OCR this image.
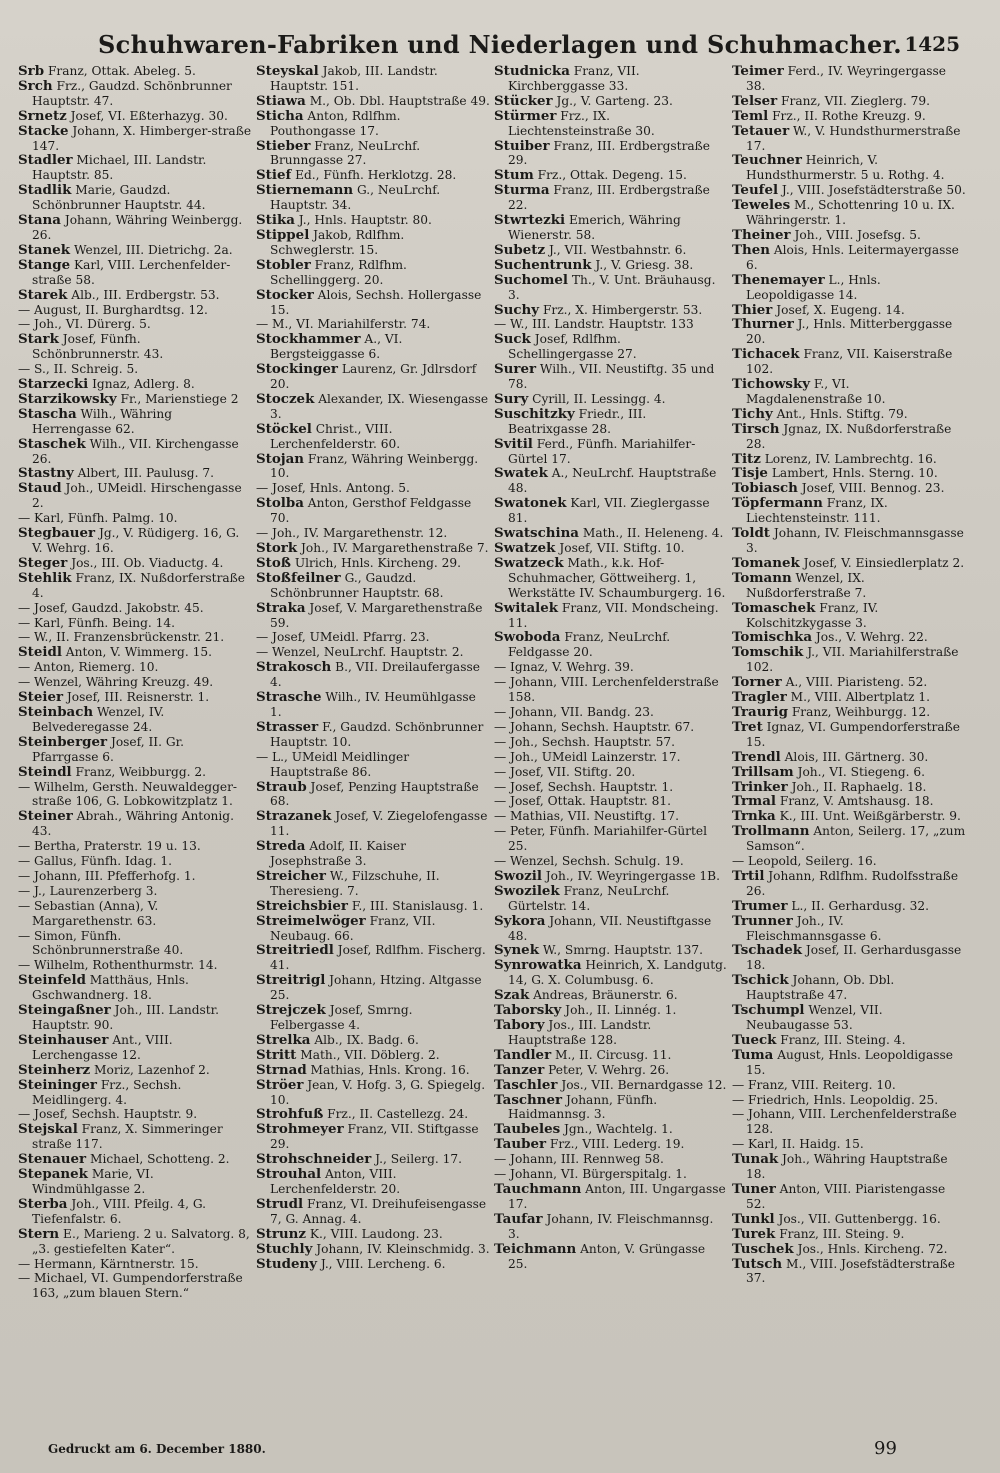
Schuhwaren-Fabriken und Niederlagen und Schuhmacher. 1425
Srb Franz, Ottak. Abeleg. 5.
Srch Frz., Gaudzd. Schönbrunner Hauptstr. 47.
Srnetz Josef, VI. Eßterhazyg. 30.
Stacke Johann, X. Himberger-straße 147.
Stadler Michael, III. Landstr. Hauptstr. 85.
Stadlik Marie, Gaudzd. Schönbrunner Hauptstr. 44.
Stana Johann, Währing Weinbergg. 26.
Stanek Wenzel, III. Dietrichg. 2a.
Stange Karl, VIII. Lerchenfelder-straße 58.
Starek Alb., III. Erdbergstr. 53.
— August, II. Burghardtsg. 12.
— Joh., VI. Dürerg. 5.
Stark Josef, Fünfh. Schönbrunnerstr. 43.
— S., II. Schreig. 5.
Starzecki Ignaz, Adlerg. 8.
Starzikowsky Fr., Marienstiege 2
Stascha Wilh., Währing Herrengasse 62.
Staschek Wilh., VII. Kirchengasse 26.
Stastny Albert, III. Paulusg. 7.
Staud Joh., UMeidl. Hirschengasse 2.
— Karl, Fünfh. Palmg. 10.
Stegbauer Jg., V. Rüdigerg. 16, G. V. Wehrg. 16.
Steger Jos., III. Ob. Viaductg. 4.
Stehlik Franz, IX. Nußdorferstraße 4.
— Josef, Gaudzd. Jakobstr. 45.
— Karl, Fünfh. Being. 14.
— W., II. Franzensbrückenstr. 21.
Steidl Anton, V. Wimmerg. 15.
— Anton, Riemerg. 10.
— Wenzel, Währing Kreuzg. 49.
Steier Josef, III. Reisnerstr. 1.
Steinbach Wenzel, IV. Belvederegasse 24.
Steinberger Josef, II. Gr. Pfarrgasse 6.
Steindl Franz, Weibburgg. 2.
— Wilhelm, Gersth. Neuwaldegger-straße 106, G. Lobkowitzplatz 1.
Steiner Abrah., Währing Antonig. 43.
— Bertha, Praterstr. 19 u. 13.
— Gallus, Fünfh. Idag. 1.
— Johann, III. Pfefferhofg. 1.
— J., Laurenzerberg 3.
— Sebastian (Anna), V. Margarethenstr. 63.
— Simon, Fünfh. Schönbrunnerstraße 40.
— Wilhelm, Rothenthurmstr. 14.
Steinfeld Matthäus, Hnls. Gschwandnerg. 18.
Steingaßner Joh., III. Landstr. Hauptstr. 90.
Steinhauser Ant., VIII. Lerchengasse 12.
Steinherz Moriz, Lazenhof 2.
Steininger Frz., Sechsh. Meidlingerg. 4.
— Josef, Sechsh. Hauptstr. 9.
Stejskal Franz, X. Simmeringer straße 117.
Stenauer Michael, Schotteng. 2.
Stepanek Marie, VI. Windmühlgasse 2.
Sterba Joh., VIII. Pfeilg. 4, G. Tiefenfalstr. 6.
Stern E., Marieng. 2 u. Salvatorg. 8, „3. gestiefelten Kater“.
— Hermann, Kärntnerstr. 15.
— Michael, VI. Gumpendorferstraße 163, „zum blauen Stern.“
Steyskal Jakob, III. Landstr. Hauptstr. 151.
Stiawa M., Ob. Dbl. Hauptstraße 49.
Sticha Anton, Rdlfhm. Pouthongasse 17.
Stieber Franz, NeuLrchf. Brunngasse 27.
Stief Ed., Fünfh. Herklotzg. 28.
Stiernemann G., NeuLrchf. Hauptstr. 34.
Stika J., Hnls. Hauptstr. 80.
Stippel Jakob, Rdlfhm. Schweglerstr. 15.
Stobler Franz, Rdlfhm. Schellinggerg. 20.
Stocker Alois, Sechsh. Hollergasse 15.
— M., VI. Mariahilferstr. 74.
Stockhammer A., VI. Bergsteiggasse 6.
Stockinger Laurenz, Gr. Jdlrsdorf 20.
Stoczek Alexander, IX. Wiesengasse 3.
Stöckel Christ., VIII. Lerchenfelderstr. 60.
Stojan Franz, Währing Weinbergg. 10.
— Josef, Hnls. Antong. 5.
Stolba Anton, Gersthof Feldgasse 70.
— Joh., IV. Margarethenstr. 12.
Stork Joh., IV. Margarethenstraße 7.
Stoß Ulrich, Hnls. Kircheng. 29.
Stoßfeilner G., Gaudzd. Schönbrunner Hauptstr. 68.
Straka Josef, V. Margarethenstraße 59.
— Josef, UMeidl. Pfarrg. 23.
— Wenzel, NeuLrchf. Hauptstr. 2.
Strakosch B., VII. Dreilaufergasse 4.
Strasche Wilh., IV. Heumühlgasse 1.
Strasser F., Gaudzd. Schönbrunner Hauptstr. 10.
— L., UMeidl Meidlinger Hauptstraße 86.
Straub Josef, Penzing Hauptstraße 68.
Strazanek Josef, V. Ziegelofengasse 11.
Streda Adolf, II. Kaiser Josephstraße 3.
Streicher W., Filzschuhe, II. Theresieng. 7.
Streichsbier F., III. Stanislausg. 1.
Streimelwöger Franz, VII. Neubaug. 66.
Streitriedl Josef, Rdlfhm. Fischerg. 41.
Streitrigl Johann, Htzing. Altgasse 25.
Strejczek Josef, Smrng. Felbergasse 4.
Strelka Alb., IX. Badg. 6.
Stritt Math., VII. Döblerg. 2.
Strnad Mathias, Hnls. Krong. 16.
Ströer Jean, V. Hofg. 3, G. Spiegelg. 10.
Strohfuß Frz., II. Castellezg. 24.
Strohmeyer Franz, VII. Stiftgasse 29.
Strohschneider J., Seilerg. 17.
Strouhal Anton, VIII. Lerchenfelderstr. 20.
Strudl Franz, VI. Dreihufeisengasse 7, G. Annag. 4.
Strunz K., VIII. Laudong. 23.
Stuchly Johann, IV. Kleinschmidg. 3.
Studeny J., VIII. Lercheng. 6.
Studnicka Franz, VII. Kirchberggasse 33.
Stücker Jg., V. Garteng. 23.
Stürmer Frz., IX. Liechtensteinstraße 30.
Stuiber Franz, III. Erdbergstraße 29.
Stum Frz., Ottak. Degeng. 15.
Sturma Franz, III. Erdbergstraße 22.
Stwrtezki Emerich, Währing Wienerstr. 58.
Subetz J., VII. Westbahnstr. 6.
Suchentrunk J., V. Griesg. 38.
Suchomel Th., V. Unt. Bräuhausg. 3.
Suchy Frz., X. Himbergerstr. 53.
— W., III. Landstr. Hauptstr. 133
Suck Josef, Rdlfhm. Schellingergasse 27.
Surer Wilh., VII. Neustiftg. 35 und 78.
Sury Cyrill, II. Lessingg. 4.
Suschitzky Friedr., III. Beatrixgasse 28.
Svitil Ferd., Fünfh. Mariahilfer-Gürtel 17.
Swatek A., NeuLrchf. Hauptstraße 48.
Swatonek Karl, VII. Zieglergasse 81.
Swatschina Math., II. Heleneng. 4.
Swatzek Josef, VII. Stiftg. 10.
Swatzeck Math., k.k. Hof-Schuhmacher, Göttweiherg. 1, Werkstätte IV. Schaumburgerg. 16.
Switalek Franz, VII. Mondscheing. 11.
Swoboda Franz, NeuLrchf. Feldgasse 20.
— Ignaz, V. Wehrg. 39.
— Johann, VIII. Lerchenfelderstraße 158.
— Johann, VII. Bandg. 23.
— Johann, Sechsh. Hauptstr. 67.
— Joh., Sechsh. Hauptstr. 57.
— Joh., UMeidl Lainzerstr. 17.
— Josef, VII. Stiftg. 20.
— Josef, Sechsh. Hauptstr. 1.
— Josef, Ottak. Hauptstr. 81.
— Mathias, VII. Neustiftg. 17.
— Peter, Fünfh. Mariahilfer-Gürtel 25.
— Wenzel, Sechsh. Schulg. 19.
Swozil Joh., IV. Weyringergasse 1B.
Swozilek Franz, NeuLrchf. Gürtelstr. 14.
Sykora Johann, VII. Neustiftgasse 48.
Synek W., Smrng. Hauptstr. 137.
Synrowatka Heinrich, X. Landgutg. 14, G. X. Columbusg. 6.
Szak Andreas, Bräunerstr. 6.
Taborsky Joh., II. Linnég. 1.
Tabory Jos., III. Landstr. Hauptstraße 128.
Tandler M., II. Circusg. 11.
Tanzer Peter, V. Wehrg. 26.
Taschler Jos., VII. Bernardgasse 12.
Taschner Johann, Fünfh. Haidmannsg. 3.
Taubeles Jgn., Wachtelg. 1.
Tauber Frz., VIII. Lederg. 19.
— Johann, III. Rennweg 58.
— Johann, VI. Bürgerspitalg. 1.
Tauchmann Anton, III. Ungargasse 17.
Taufar Johann, IV. Fleischmannsg. 3.
Teichmann Anton, V. Grüngasse 25.
Teimer Ferd., IV. Weyringergasse 38.
Telser Franz, VII. Zieglerg. 79.
Teml Frz., II. Rothe Kreuzg. 9.
Tetauer W., V. Hundsthurmerstraße 17.
Teuchner Heinrich, V. Hundsthurmerstr. 5 u. Rothg. 4.
Teufel J., VIII. Josefstädterstraße 50.
Teweles M., Schottenring 10 u. IX. Währingerstr. 1.
Theiner Joh., VIII. Josefsg. 5.
Then Alois, Hnls. Leitermayergasse 6.
Thenemayer L., Hnls. Leopoldigasse 14.
Thier Josef, X. Eugeng. 14.
Thurner J., Hnls. Mitterberggasse 20.
Tichacek Franz, VII. Kaiserstraße 102.
Tichowsky F., VI. Magdalenenstraße 10.
Tichy Ant., Hnls. Stiftg. 79.
Tirsch Jgnaz, IX. Nußdorferstraße 28.
Titz Lorenz, IV. Lambrechtg. 16.
Tisje Lambert, Hnls. Sterng. 10.
Tobiasch Josef, VIII. Bennog. 23.
Töpfermann Franz, IX. Liechtensteinstr. 111.
Toldt Johann, IV. Fleischmannsgasse 3.
Tomanek Josef, V. Einsiedlerplatz 2.
Tomann Wenzel, IX. Nußdorferstraße 7.
Tomaschek Franz, IV. Kolschitzkygasse 3.
Tomischka Jos., V. Wehrg. 22.
Tomschik J., VII. Mariahilferstraße 102.
Torner A., VIII. Piaristeng. 52.
Tragler M., VIII. Albertplatz 1.
Traurig Franz, Weihburgg. 12.
Tret Ignaz, VI. Gumpendorferstraße 15.
Trendl Alois, III. Gärtnerg. 30.
Trillsam Joh., VI. Stiegeng. 6.
Trinker Joh., II. Raphaelg. 18.
Trmal Franz, V. Amtshausg. 18.
Trnka K., III. Unt. Weißgärberstr. 9.
Trollmann Anton, Seilerg. 17, „zum Samson“.
— Leopold, Seilerg. 16.
Trtil Johann, Rdlfhm. Rudolfsstraße 26.
Trumer L., II. Gerhardusg. 32.
Trunner Joh., IV. Fleischmannsgasse 6.
Tschadek Josef, II. Gerhardusgasse 18.
Tschick Johann, Ob. Dbl. Hauptstraße 47.
Tschumpl Wenzel, VII. Neubaugasse 53.
Tueck Franz, III. Steing. 4.
Tuma August, Hnls. Leopoldigasse 15.
— Franz, VIII. Reiterg. 10.
— Friedrich, Hnls. Leopoldig. 25.
— Johann, VIII. Lerchenfelderstraße 128.
— Karl, II. Haidg. 15.
Tunak Joh., Währing Hauptstraße 18.
Tuner Anton, VIII. Piaristengasse 52.
Tunkl Jos., VII. Guttenbergg. 16.
Turek Franz, III. Steing. 9.
Tuschek Jos., Hnls. Kircheng. 72.
Tutsch M., VIII. Josefstädterstraße 37.
Gedruckt am 6. December 1880.	99
